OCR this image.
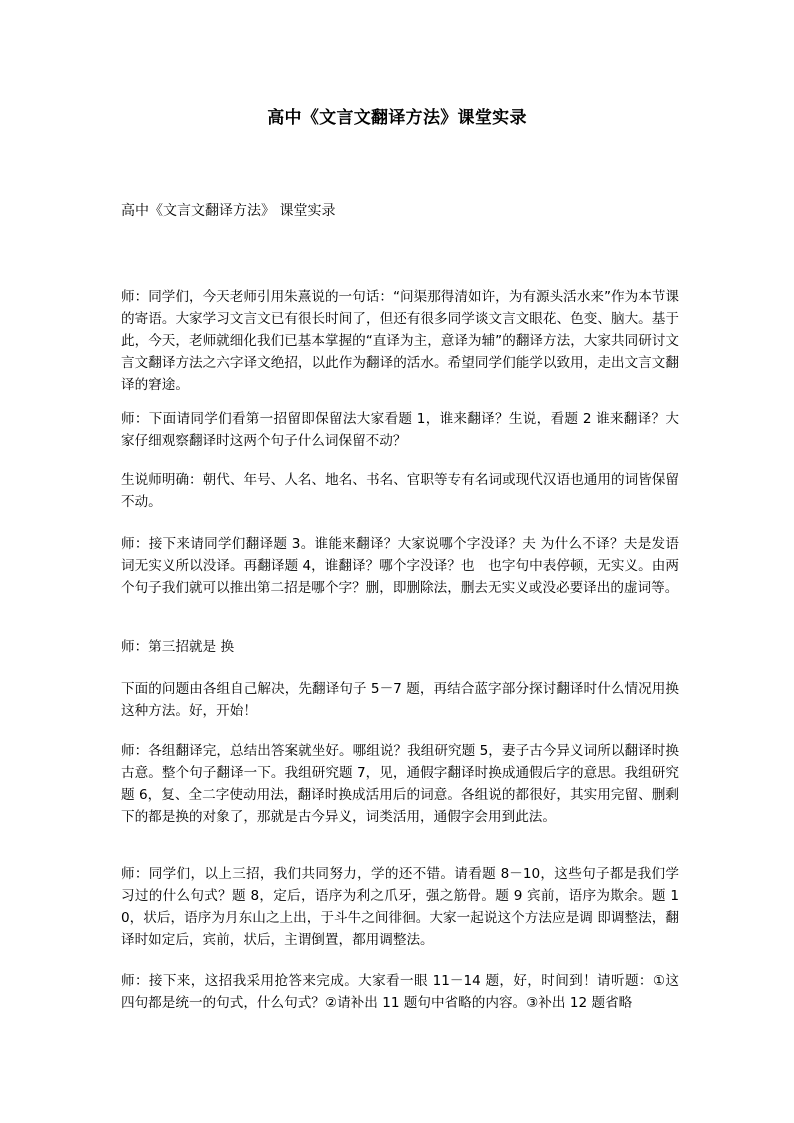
高中《文言文翻译方法》课堂实录

高中《文言文翻译方法》 课堂实录

师：同学们，今天老师引用朱熹说的一句话：“问渠那得清如许，为有源头活水来”作为本节课的寄语。大家学习文言文已有很长时间了，但还有很多同学谈文言文眼花、色变、脑大。基于此，今天，老师就细化我们已基本掌握的“直译为主，意译为辅”的翻译方法，大家共同研讨文言文翻译方法之六字译文绝招，以此作为翻译的活水。希望同学们能学以致用，走出文言文翻译的窘途。

师：下面请同学们看第一招留即保留法大家看题 1，谁来翻译？生说，看题 2 谁来翻译？大家仔细观察翻译时这两个句子什么词保留不动？

生说师明确：朝代、年号、人名、地名、书名、官职等专有名词或现代汉语也通用的词皆保留不动。

师：接下来请同学们翻译题 3。谁能来翻译？大家说哪个字没译？夫 为什么不译？夫是发语词无实义所以没译。再翻译题 4，谁翻译？哪个字没译？也　也字句中表停顿，无实义。由两个句子我们就可以推出第二招是哪个字？删，即删除法，删去无实义或没必要译出的虚词等。

师：第三招就是 换

下面的问题由各组自己解决，先翻译句子 5－7 题，再结合蓝字部分探讨翻译时什么情况用换这种方法。好，开始！

师：各组翻译完，总结出答案就坐好。哪组说？我组研究题 5，妻子古今异义词所以翻译时换古意。整个句子翻译一下。我组研究题 7，见，通假字翻译时换成通假后字的意思。我组研究题 6，复、全二字使动用法，翻译时换成活用后的词意。各组说的都很好，其实用完留、删剩下的都是换的对象了，那就是古今异义，词类活用，通假字会用到此法。

师：同学们，以上三招，我们共同努力，学的还不错。请看题 8－10，这些句子都是我们学习过的什么句式？题 8，定后，语序为利之爪牙，强之筋骨。题 9 宾前，语序为欺余。题 10，状后，语序为月东山之上出，于斗牛之间徘徊。大家一起说这个方法应是调 即调整法，翻译时如定后，宾前，状后，主谓倒置，都用调整法。

师：接下来，这招我采用抢答来完成。大家看一眼 11－14 题，好，时间到！请听题：①这四句都是统一的句式，什么句式？②请补出 11 题句中省略的内容。③补出 12 题省略
